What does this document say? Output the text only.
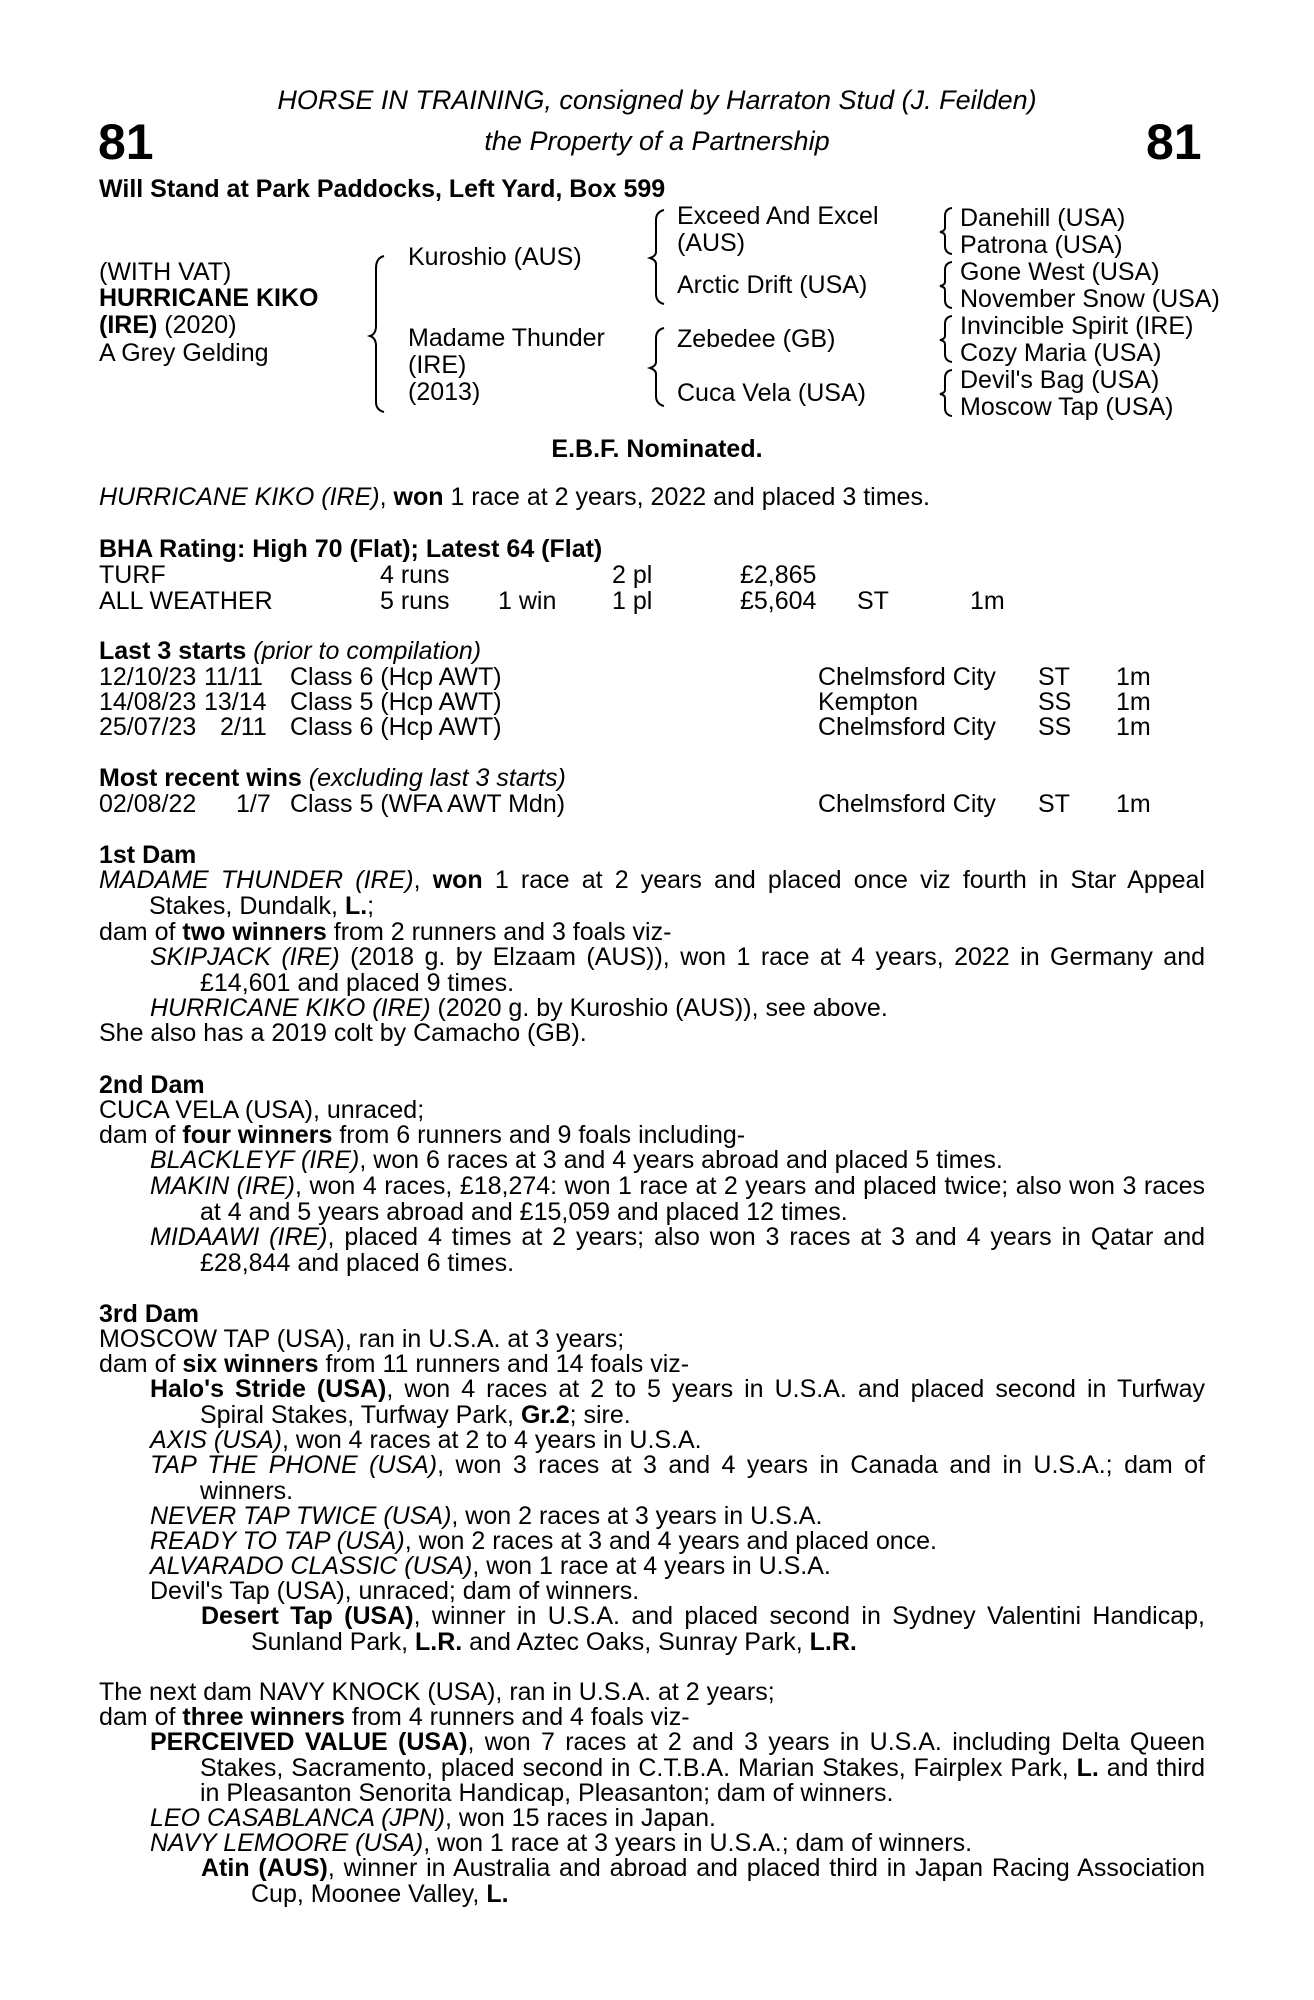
81	81
HORSE IN TRAINING, consigned by Harraton Stud (J. Feilden)
the Property of a Partnership
Will Stand at Park Paddocks, Left Yard, Box 599
(WITH VAT)
HURRICANE KIKO
(IRE) (2020)
A Grey Gelding
Kuroshio (AUS)
Madame Thunder
(IRE)
(2013)
Exceed And Excel
(AUS)
Arctic Drift (USA)
Zebedee (GB)
Cuca Vela (USA)
Danehill (USA)
Patrona (USA)
Gone West (USA)
November Snow (USA)
Invincible Spirit (IRE)
Cozy Maria (USA)
Devil's Bag (USA)
Moscow Tap (USA)
E.B.F. Nominated.
HURRICANE KIKO (IRE), won 1 race at 2 years, 2022 and placed 3 times.
BHA Rating: High 70 (Flat); Latest 64 (Flat)
TURF	4 runs	2 pl	£2,865
ALL WEATHER	5 runs 1 win 1 pl	£5,604 ST	1m
Last 3 starts (prior to compilation)
12/10/23 11/11 Class 6 (Hcp AWT)	Chelmsford City ST 1m
14/08/23 13/14 Class 5 (Hcp AWT)	Kempton	SS 1m
25/07/23 2/11 Class 6 (Hcp AWT)	Chelmsford City SS 1m
Most recent wins (excluding last 3 starts)
02/08/22 1/7 Class 5 (WFA AWT Mdn)	Chelmsford City ST 1m
1st Dam
MADAME THUNDER (IRE), won 1 race at 2 years and placed once viz fourth in Star Appeal Stakes, Dundalk, L.;
dam of two winners from 2 runners and 3 foals viz-
SKIPJACK (IRE) (2018 g. by Elzaam (AUS)), won 1 race at 4 years, 2022 in Germany and £14,601 and placed 9 times.
HURRICANE KIKO (IRE) (2020 g. by Kuroshio (AUS)), see above.
She also has a 2019 colt by Camacho (GB).
2nd Dam
CUCA VELA (USA), unraced;
dam of four winners from 6 runners and 9 foals including-
BLACKLEYF (IRE), won 6 races at 3 and 4 years abroad and placed 5 times.
MAKIN (IRE), won 4 races, £18,274: won 1 race at 2 years and placed twice; also won 3 races at 4 and 5 years abroad and £15,059 and placed 12 times.
MIDAAWI (IRE), placed 4 times at 2 years; also won 3 races at 3 and 4 years in Qatar and £28,844 and placed 6 times.
3rd Dam
MOSCOW TAP (USA), ran in U.S.A. at 3 years;
dam of six winners from 11 runners and 14 foals viz-
Halo's Stride (USA), won 4 races at 2 to 5 years in U.S.A. and placed second in Turfway Spiral Stakes, Turfway Park, Gr.2; sire.
AXIS (USA), won 4 races at 2 to 4 years in U.S.A.
TAP THE PHONE (USA), won 3 races at 3 and 4 years in Canada and in U.S.A.; dam of winners.
NEVER TAP TWICE (USA), won 2 races at 3 years in U.S.A.
READY TO TAP (USA), won 2 races at 3 and 4 years and placed once.
ALVARADO CLASSIC (USA), won 1 race at 4 years in U.S.A.
Devil's Tap (USA), unraced; dam of winners.
Desert Tap (USA), winner in U.S.A. and placed second in Sydney Valentini Handicap, Sunland Park, L.R. and Aztec Oaks, Sunray Park, L.R.
The next dam NAVY KNOCK (USA), ran in U.S.A. at 2 years;
dam of three winners from 4 runners and 4 foals viz-
PERCEIVED VALUE (USA), won 7 races at 2 and 3 years in U.S.A. including Delta Queen Stakes, Sacramento, placed second in C.T.B.A. Marian Stakes, Fairplex Park, L. and third in Pleasanton Senorita Handicap, Pleasanton; dam of winners.
LEO CASABLANCA (JPN), won 15 races in Japan.
NAVY LEMOORE (USA), won 1 race at 3 years in U.S.A.; dam of winners.
Atin (AUS), winner in Australia and abroad and placed third in Japan Racing Association Cup, Moonee Valley, L.
